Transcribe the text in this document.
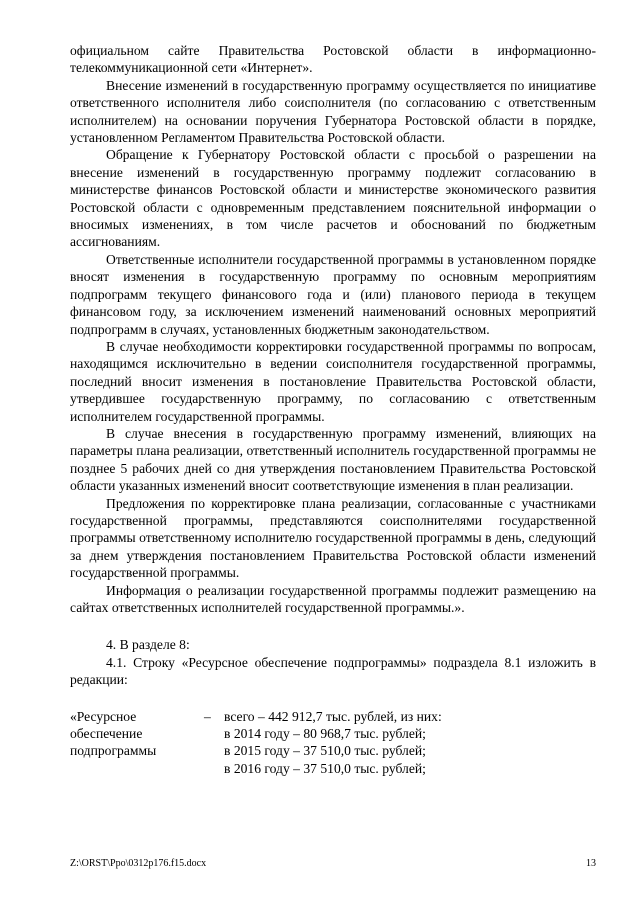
официальном сайте Правительства Ростовской области в информационно-телекоммуникационной сети «Интернет».

Внесение изменений в государственную программу осуществляется по инициативе ответственного исполнителя либо соисполнителя (по согласованию с ответственным исполнителем) на основании поручения Губернатора Ростовской области в порядке, установленном Регламентом Правительства Ростовской области.

Обращение к Губернатору Ростовской области с просьбой о разрешении на внесение изменений в государственную программу подлежит согласованию в министерстве финансов Ростовской области и министерстве экономического развития Ростовской области с одновременным представлением пояснительной информации о вносимых изменениях, в том числе расчетов и обоснований по бюджетным ассигнованиям.

Ответственные исполнители государственной программы в установленном порядке вносят изменения в государственную программу по основным мероприятиям подпрограмм текущего финансового года и (или) планового периода в текущем финансовом году, за исключением изменений наименований основных мероприятий подпрограмм в случаях, установленных бюджетным законодательством.

В случае необходимости корректировки государственной программы по вопросам, находящимся исключительно в ведении соисполнителя государственной программы, последний вносит изменения в постановление Правительства Ростовской области, утвердившее государственную программу, по согласованию с ответственным исполнителем государственной программы.

В случае внесения в государственную программу изменений, влияющих на параметры плана реализации, ответственный исполнитель государственной программы не позднее 5 рабочих дней со дня утверждения постановлением Правительства Ростовской области указанных изменений вносит соответствующие изменения в план реализации.

Предложения по корректировке плана реализации, согласованные с участниками государственной программы, представляются соисполнителями государственной программы ответственному исполнителю государственной программы в день, следующий за днем утверждения постановлением Правительства Ростовской области изменений государственной программы.

Информация о реализации государственной программы подлежит размещению на сайтах ответственных исполнителей государственной программы.».

4. В разделе 8:

4.1. Строку «Ресурсное обеспечение подпрограммы» подраздела 8.1 изложить в редакции:

«Ресурсное
обеспечение
подпрограммы
– всего – 442 912,7 тыс. рублей, из них:
в 2014 году – 80 968,7 тыс. рублей;
в 2015 году – 37 510,0 тыс. рублей;
в 2016 году – 37 510,0 тыс. рублей;
Z:\ORST\Ppo\0312p176.f15.docx	13
